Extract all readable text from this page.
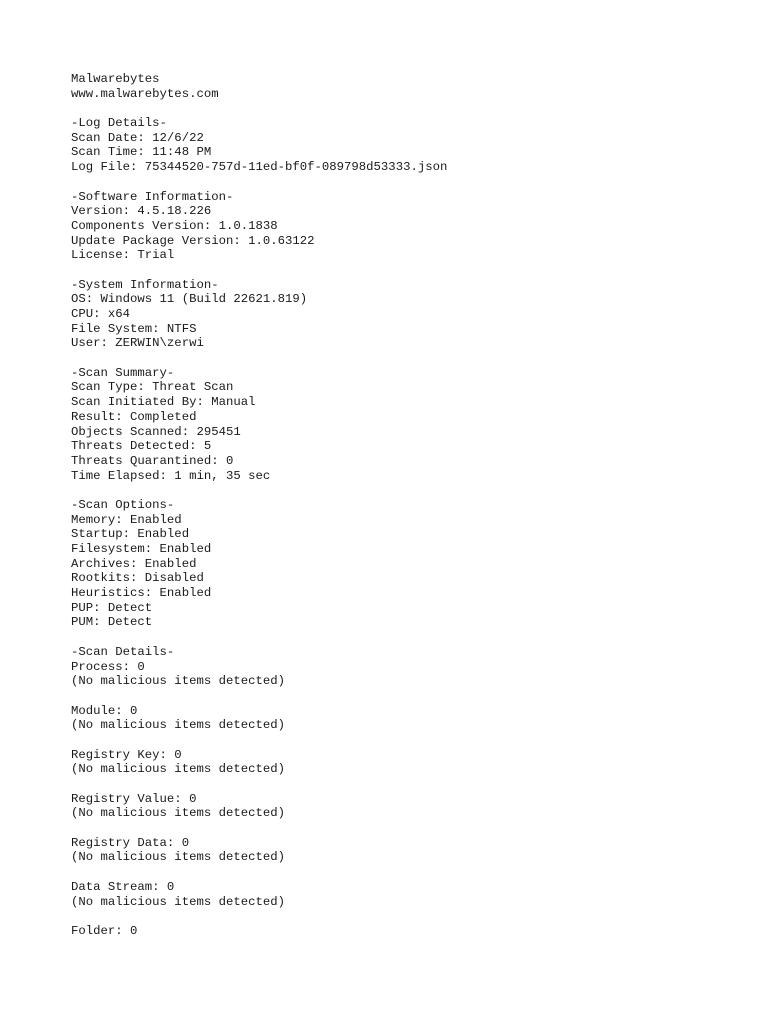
Malwarebytes
www.malwarebytes.com
-Log Details-
Scan Date: 12/6/22
Scan Time: 11:48 PM
Log File: 75344520-757d-11ed-bf0f-089798d53333.json
-Software Information-
Version: 4.5.18.226
Components Version: 1.0.1838
Update Package Version: 1.0.63122
License: Trial
-System Information-
OS: Windows 11 (Build 22621.819)
CPU: x64
File System: NTFS
User: ZERWIN\zerwi
-Scan Summary-
Scan Type: Threat Scan
Scan Initiated By: Manual
Result: Completed
Objects Scanned: 295451
Threats Detected: 5
Threats Quarantined: 0
Time Elapsed: 1 min, 35 sec
-Scan Options-
Memory: Enabled
Startup: Enabled
Filesystem: Enabled
Archives: Enabled
Rootkits: Disabled
Heuristics: Enabled
PUP: Detect
PUM: Detect
-Scan Details-
Process: 0
(No malicious items detected)
Module: 0
(No malicious items detected)
Registry Key: 0
(No malicious items detected)
Registry Value: 0
(No malicious items detected)
Registry Data: 0
(No malicious items detected)
Data Stream: 0
(No malicious items detected)
Folder: 0
